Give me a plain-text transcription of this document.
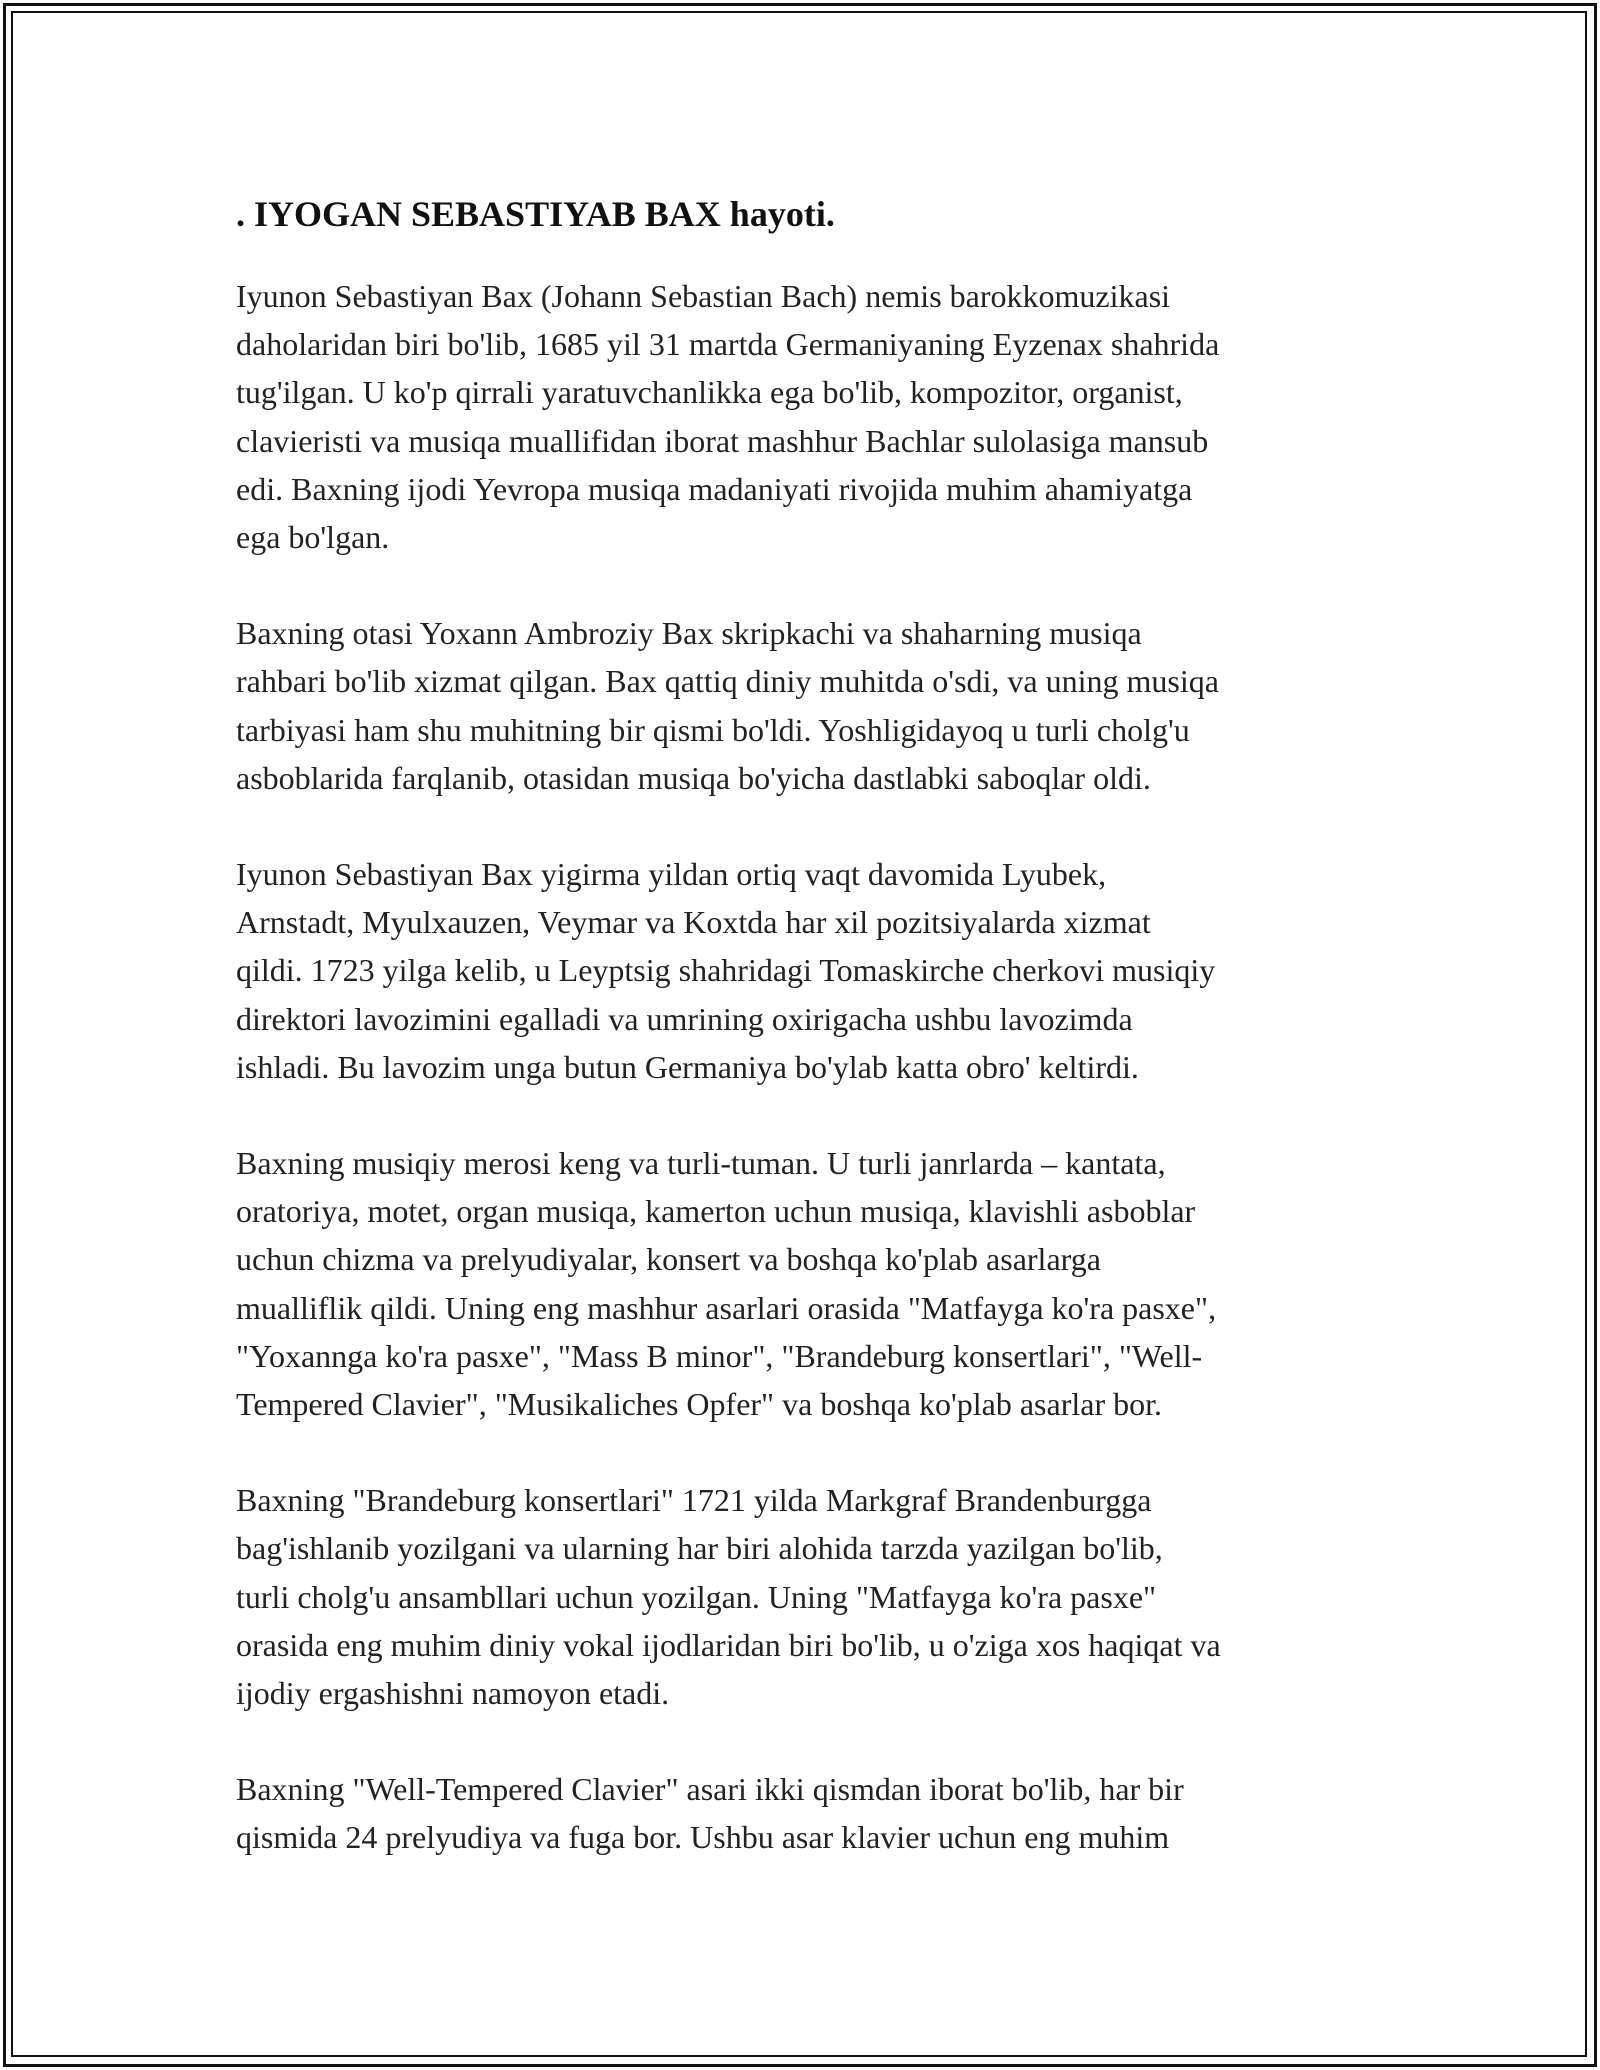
. IYOGAN SEBASTIYAB BAX hayoti.

Iyunon Sebastiyan Bax (Johann Sebastian Bach) nemis barokkomuzikasi
daholaridan biri bo'lib, 1685 yil 31 martda Germaniyaning Eyzenax shahrida
tug'ilgan. U ko'p qirrali yaratuvchanlikka ega bo'lib, kompozitor, organist,
clavieristi va musiqa muallifidan iborat mashhur Bachlar sulolasiga mansub
edi. Baxning ijodi Yevropa musiqa madaniyati rivojida muhim ahamiyatga
ega bo'lgan.

Baxning otasi Yoxann Ambroziy Bax skripkachi va shaharning musiqa
rahbari bo'lib xizmat qilgan. Bax qattiq diniy muhitda o'sdi, va uning musiqa
tarbiyasi ham shu muhitning bir qismi bo'ldi. Yoshligidayoq u turli cholg'u
asboblarida farqlanib, otasidan musiqa bo'yicha dastlabki saboqlar oldi.

Iyunon Sebastiyan Bax yigirma yildan ortiq vaqt davomida Lyubek,
Arnstadt, Myulxauzen, Veymar va Koxtda har xil pozitsiyalarda xizmat
qildi. 1723 yilga kelib, u Leyptsig shahridagi Tomaskirche cherkovi musiqiy
direktori lavozimini egalladi va umrining oxirigacha ushbu lavozimda
ishladi. Bu lavozim unga butun Germaniya bo'ylab katta obro' keltirdi.

Baxning musiqiy merosi keng va turli-tuman. U turli janrlarda – kantata,
oratoriya, motet, organ musiqa, kamerton uchun musiqa, klavishli asboblar
uchun chizma va prelyudiyalar, konsert va boshqa ko'plab asarlarga
mualliflik qildi. Uning eng mashhur asarlari orasida "Matfayga ko'ra pasxe",
"Yoxannga ko'ra pasxe", "Mass B minor", "Brandeburg konsertlari", "Well-
Tempered Clavier", "Musikaliches Opfer" va boshqa ko'plab asarlar bor.

Baxning "Brandeburg konsertlari" 1721 yilda Markgraf Brandenburgga
bag'ishlanib yozilgani va ularning har biri alohida tarzda yazilgan bo'lib,
turli cholg'u ansambllari uchun yozilgan. Uning "Matfayga ko'ra pasxe"
orasida eng muhim diniy vokal ijodlaridan biri bo'lib, u o'ziga xos haqiqat va
ijodiy ergashishni namoyon etadi.

Baxning "Well-Tempered Clavier" asari ikki qismdan iborat bo'lib, har bir
qismida 24 prelyudiya va fuga bor. Ushbu asar klavier uchun eng muhim
